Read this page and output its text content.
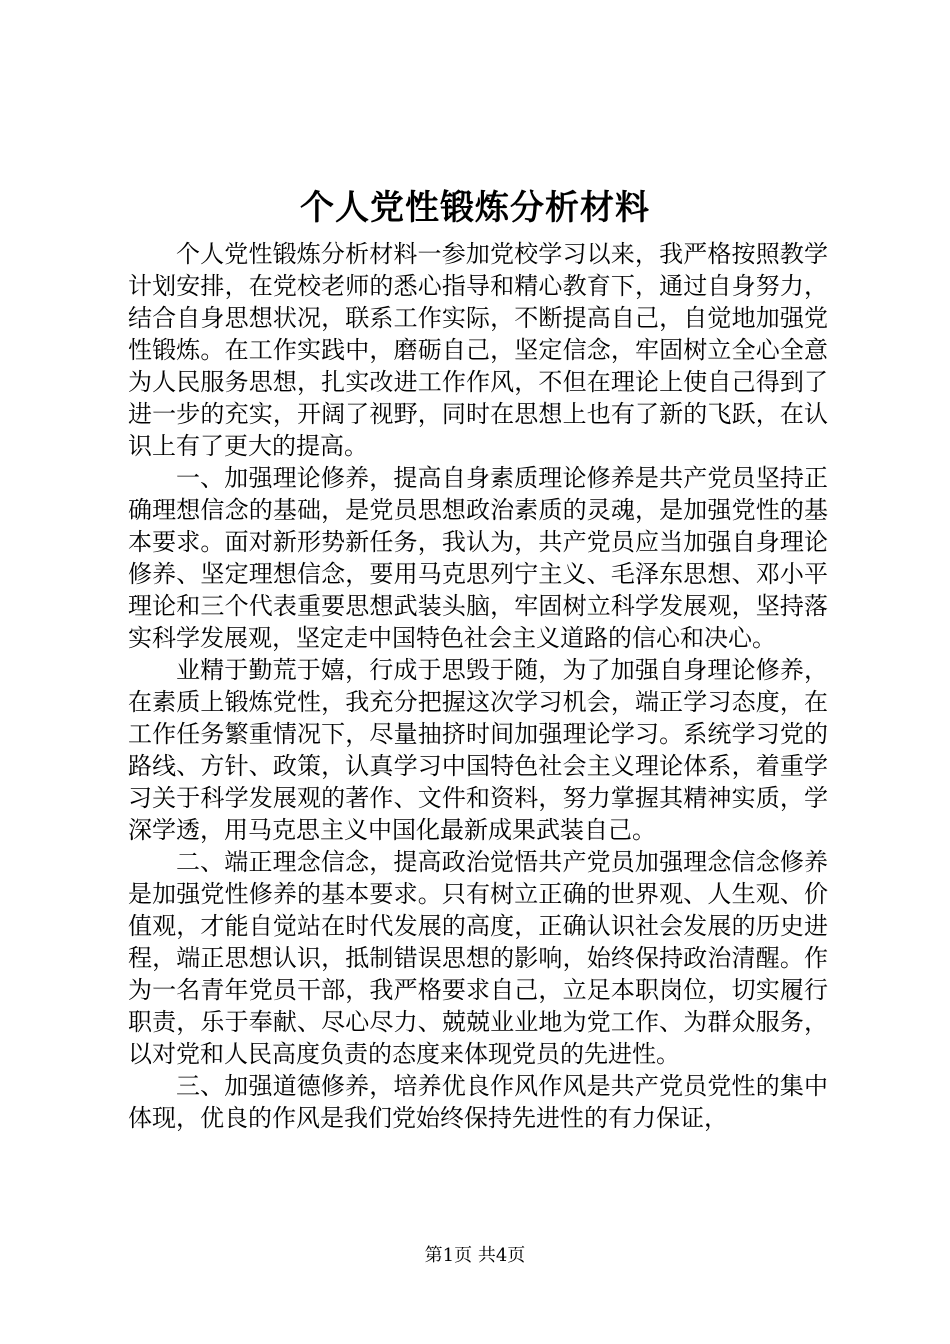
个人党性锻炼分析材料

个人党性锻炼分析材料一参加党校学习以来，我严格按照教学计划安排，在党校老师的悉心指导和精心教育下，通过自身努力，结合自身思想状况，联系工作实际，不断提高自己，自觉地加强党性锻炼。在工作实践中，磨砺自己，坚定信念，牢固树立全心全意为人民服务思想，扎实改进工作作风，不但在理论上使自己得到了进一步的充实，开阔了视野，同时在思想上也有了新的飞跃，在认识上有了更大的提高。

一、加强理论修养，提高自身素质理论修养是共产党员坚持正确理想信念的基础，是党员思想政治素质的灵魂，是加强党性的基本要求。面对新形势新任务，我认为，共产党员应当加强自身理论修养、坚定理想信念，要用马克思列宁主义、毛泽东思想、邓小平理论和三个代表重要思想武装头脑，牢固树立科学发展观，坚持落实科学发展观，坚定走中国特色社会主义道路的信心和决心。

业精于勤荒于嬉，行成于思毁于随，为了加强自身理论修养，在素质上锻炼党性，我充分把握这次学习机会，端正学习态度，在工作任务繁重情况下，尽量抽挤时间加强理论学习。系统学习党的路线、方针、政策，认真学习中国特色社会主义理论体系，着重学习关于科学发展观的著作、文件和资料，努力掌握其精神实质，学深学透，用马克思主义中国化最新成果武装自己。

二、端正理念信念，提高政治觉悟共产党员加强理念信念修养是加强党性修养的基本要求。只有树立正确的世界观、人生观、价值观，才能自觉站在时代发展的高度，正确认识社会发展的历史进程，端正思想认识，抵制错误思想的影响，始终保持政治清醒。作为一名青年党员干部，我严格要求自己，立足本职岗位，切实履行职责，乐于奉献、尽心尽力、兢兢业业地为党工作、为群众服务，以对党和人民高度负责的态度来体现党员的先进性。

三、加强道德修养，培养优良作风作风是共产党员党性的集中体现，优良的作风是我们党始终保持先进性的有力保证，

第1页 共4页
